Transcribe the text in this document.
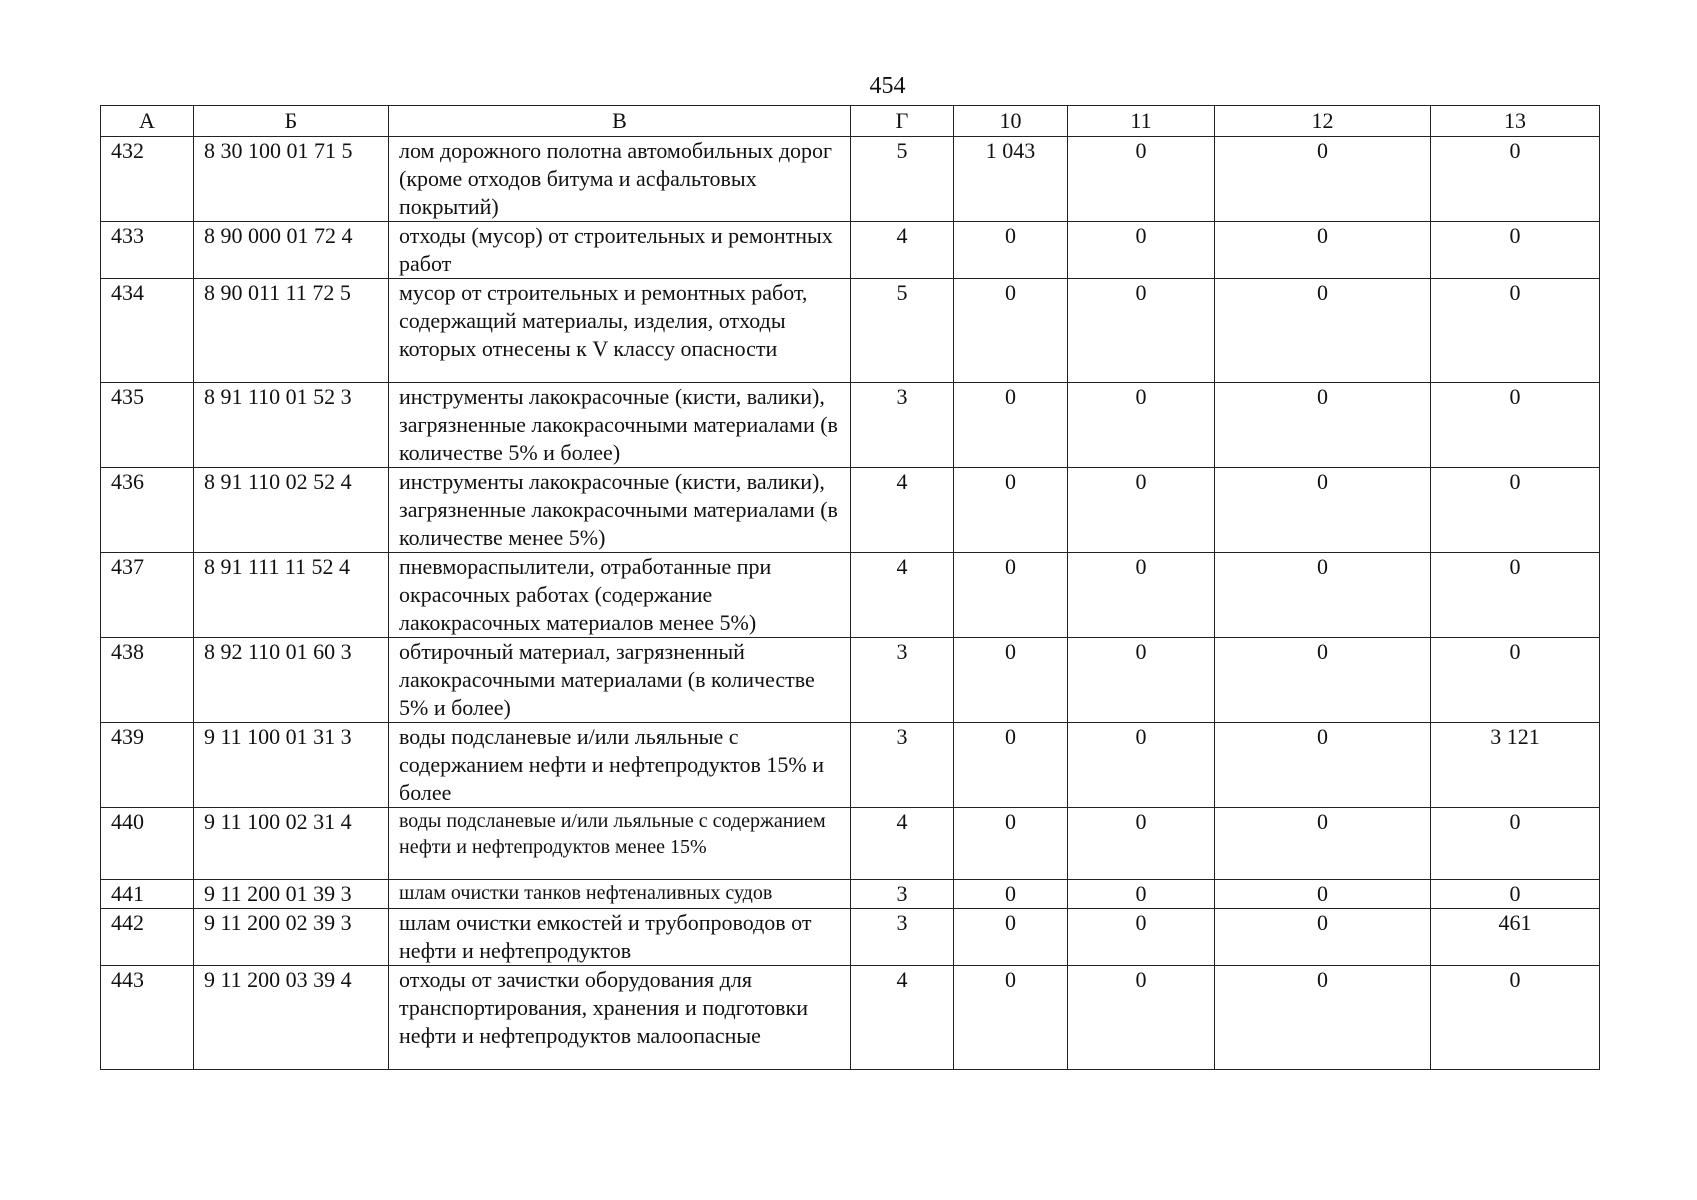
454
А	Б	В	Г	10	11	12	13
432	8 30 100 01 71 5	лом дорожного полотна автомобильных дорог (кроме отходов битума и асфальтовых покрытий)	5	1 043	0	0	0
433	8 90 000 01 72 4	отходы (мусор) от строительных и ремонтных работ	4	0	0	0	0
434	8 90 011 11 72 5	мусор от строительных и ремонтных работ, содержащий материалы, изделия, отходы которых отнесены к V классу опасности	5	0	0	0	0
435	8 91 110 01 52 3	инструменты лакокрасочные (кисти, валики), загрязненные лакокрасочными материалами (в количестве 5% и более)	3	0	0	0	0
436	8 91 110 02 52 4	инструменты лакокрасочные (кисти, валики), загрязненные лакокрасочными материалами (в количестве менее 5%)	4	0	0	0	0
437	8 91 111 11 52 4	пневмораспылители, отработанные при окрасочных работах (содержание лакокрасочных материалов менее 5%)	4	0	0	0	0
438	8 92 110 01 60 3	обтирочный материал, загрязненный лакокрасочными материалами (в количестве 5% и более)	3	0	0	0	0
439	9 11 100 01 31 3	воды подсланевые и/или льяльные с содержанием нефти и нефтепродуктов 15% и более	3	0	0	0	3 121
440	9 11 100 02 31 4	воды подсланевые и/или льяльные с содержанием нефти и нефтепродуктов менее 15%	4	0	0	0	0
441	9 11 200 01 39 3	шлам очистки танков нефтеналивных судов	3	0	0	0	0
442	9 11 200 02 39 3	шлам очистки емкостей и трубопроводов от нефти и нефтепродуктов	3	0	0	0	461
443	9 11 200 03 39 4	отходы от зачистки оборудования для транспортирования, хранения и подготовки нефти и нефтепродуктов малоопасные	4	0	0	0	0
